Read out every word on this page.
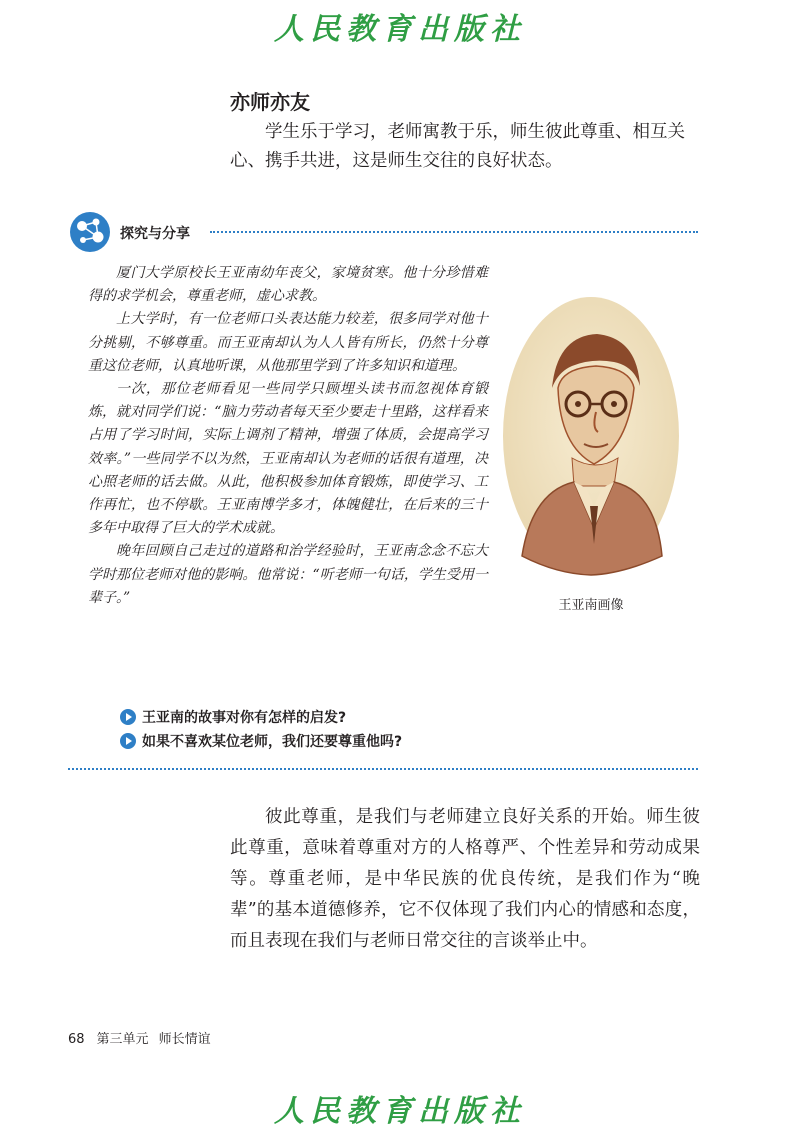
人民教育出版社
亦师亦友

学生乐于学习，老师寓教于乐，师生彼此尊重、相互关心、携手共进，这是师生交往的良好状态。

探究与分享

厦门大学原校长王亚南幼年丧父，家境贫寒。他十分珍惜难得的求学机会，尊重老师，虚心求教。

上大学时，有一位老师口头表达能力较差，很多同学对他十分挑剔，不够尊重。而王亚南却认为人人皆有所长，仍然十分尊重这位老师，认真地听课，从他那里学到了许多知识和道理。

一次，那位老师看见一些同学只顾埋头读书而忽视体育锻炼，就对同学们说：“脑力劳动者每天至少要走十里路，这样看来占用了学习时间，实际上调剂了精神，增强了体质，会提高学习效率。”一些同学不以为然，王亚南却认为老师的话很有道理，决心照老师的话去做。从此，他积极参加体育锻炼，即使学习、工作再忙，也不停歇。王亚南博学多才，体魄健壮，在后来的三十多年中取得了巨大的学术成就。

晚年回顾自己走过的道路和治学经验时，王亚南念念不忘大学时那位老师对他的影响。他常说：“听老师一句话，学生受用一辈子。”	王亚南画像
王亚南的故事对你有怎样的启发?
如果不喜欢某位老师，我们还要尊重他吗?

彼此尊重，是我们与老师建立良好关系的开始。师生彼此尊重，意味着尊重对方的人格尊严、个性差异和劳动成果等。尊重老师，是中华民族的优良传统，是我们作为“晚辈”的基本道德修养，它不仅体现了我们内心的情感和态度，而且表现在我们与老师日常交往的言谈举止中。

68 第三单元 师长情谊
人民教育出版社
